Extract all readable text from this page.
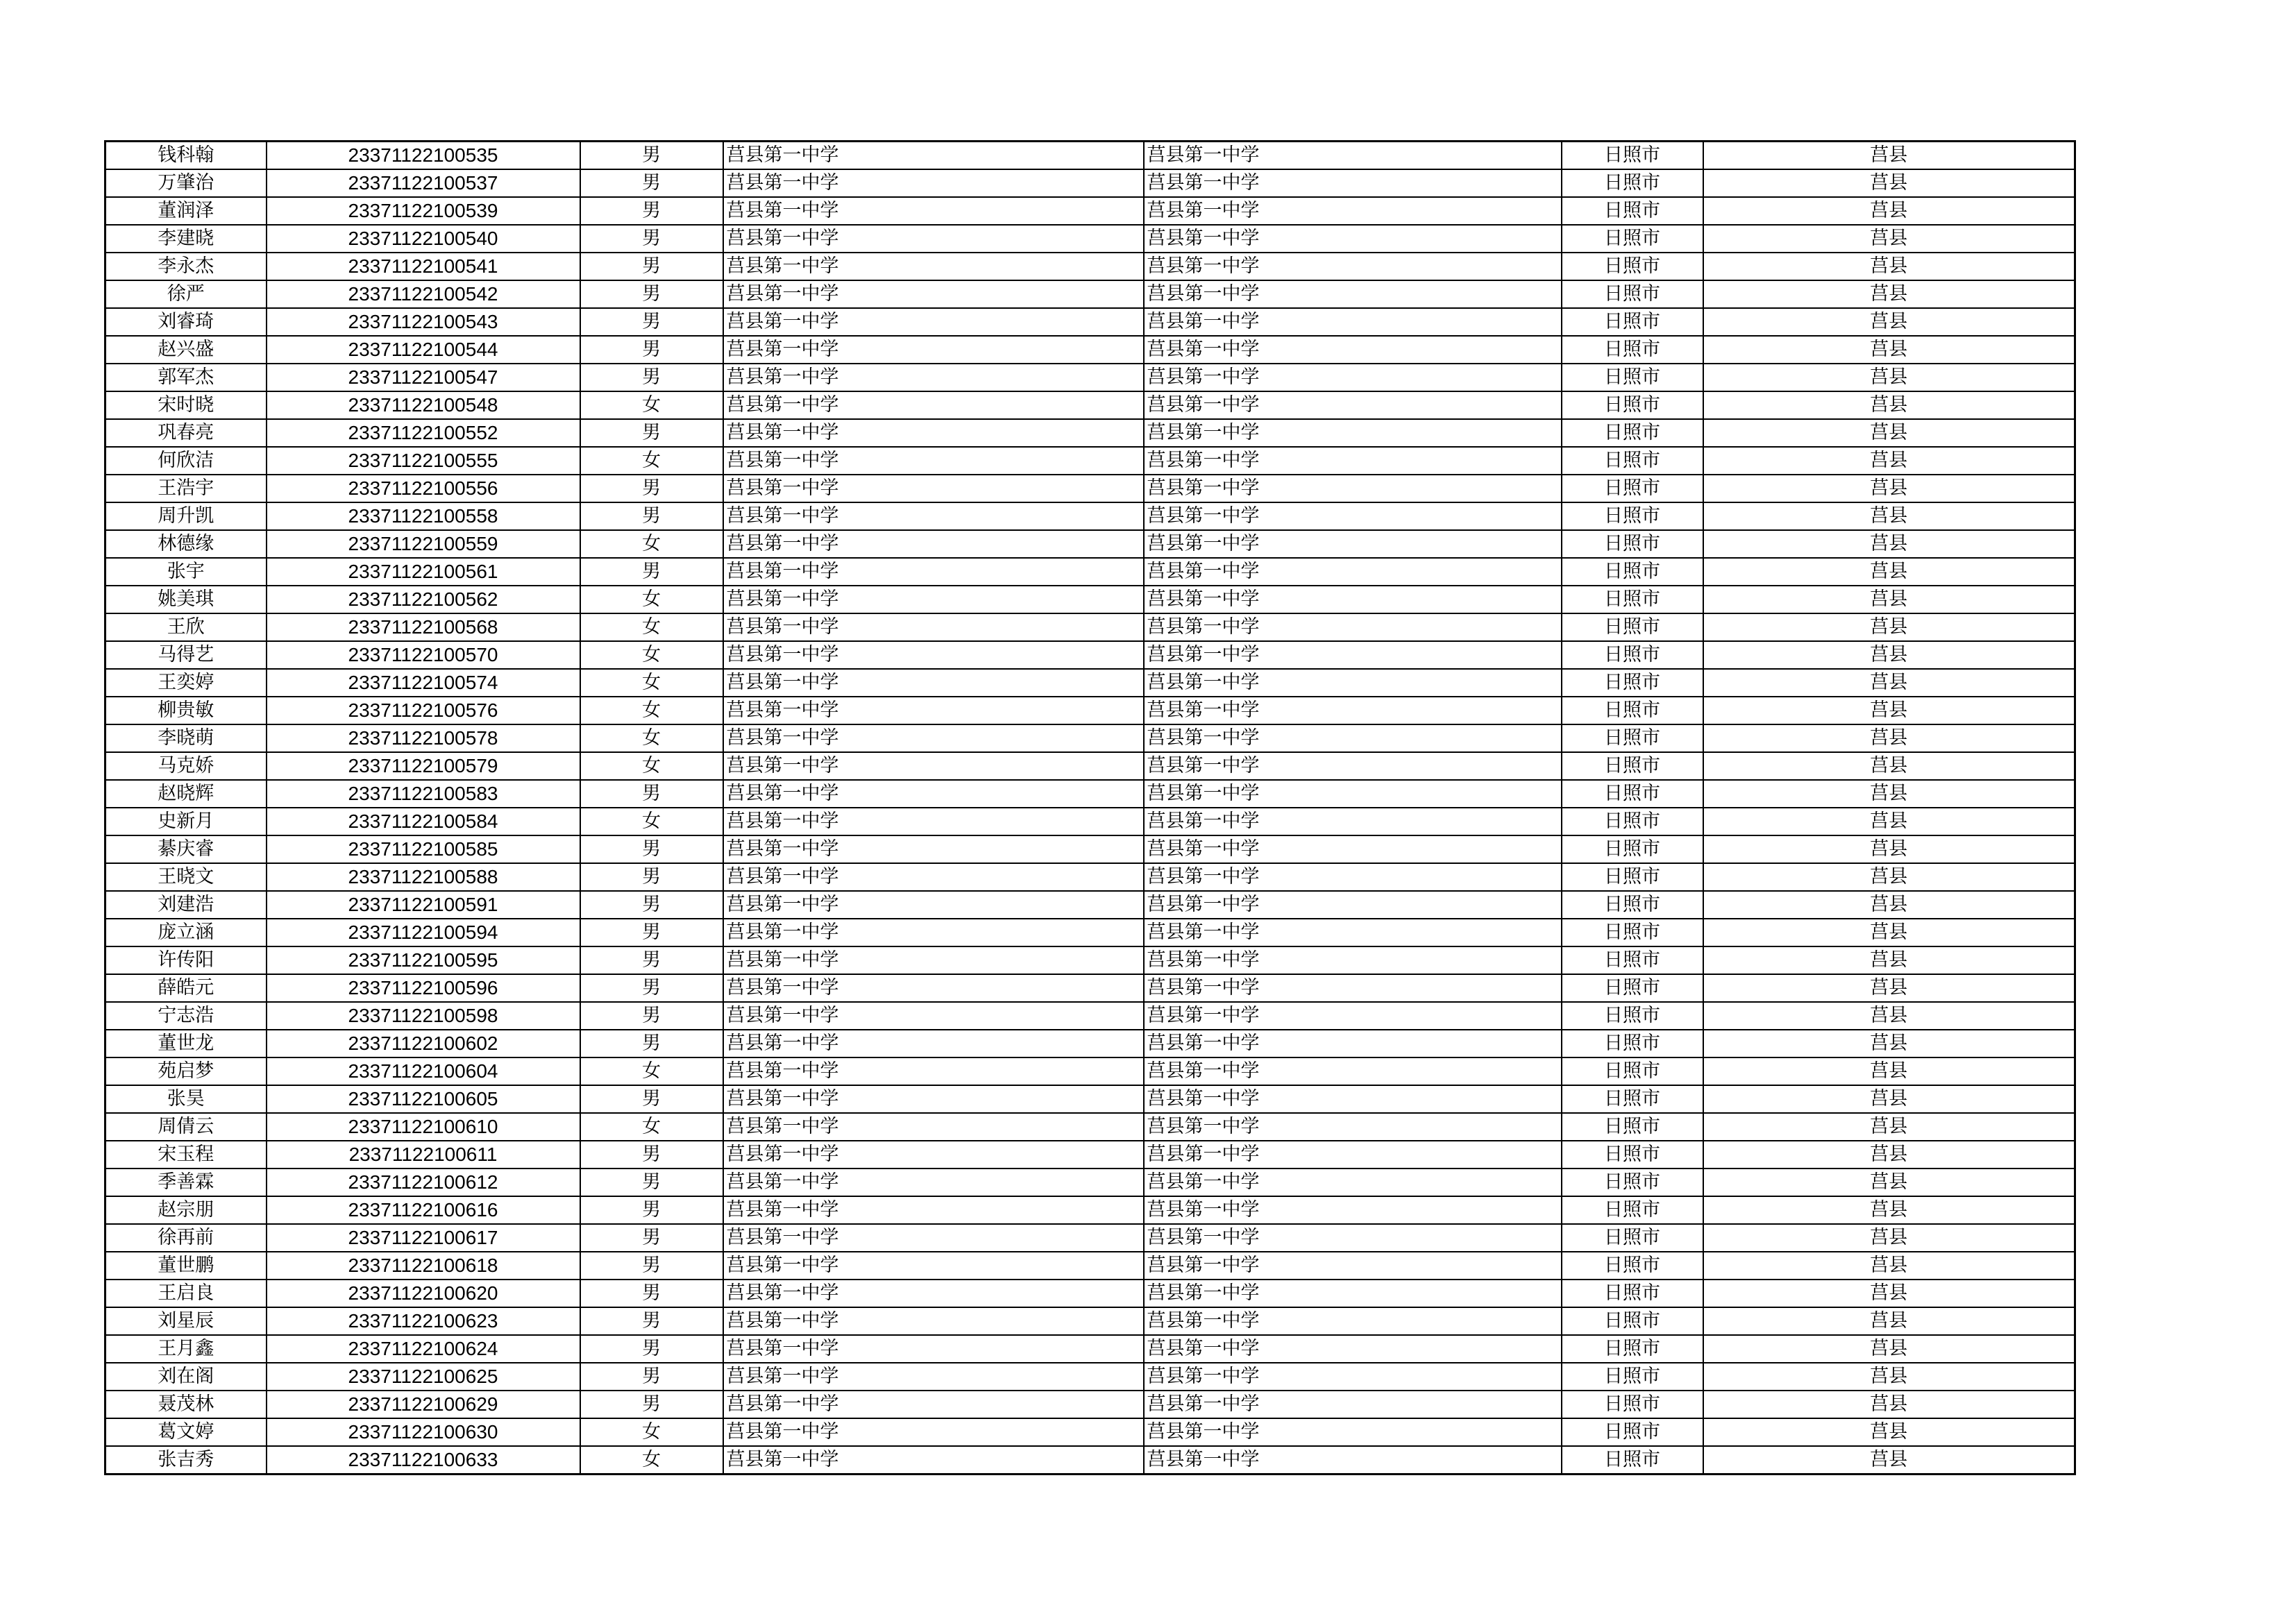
钱科翰	23371122100535	男	莒县第一中学	莒县第一中学	日照市	莒县
万肇治	23371122100537	男	莒县第一中学	莒县第一中学	日照市	莒县
董润泽	23371122100539	男	莒县第一中学	莒县第一中学	日照市	莒县
李建晓	23371122100540	男	莒县第一中学	莒县第一中学	日照市	莒县
李永杰	23371122100541	男	莒县第一中学	莒县第一中学	日照市	莒县
徐严	23371122100542	男	莒县第一中学	莒县第一中学	日照市	莒县
刘睿琦	23371122100543	男	莒县第一中学	莒县第一中学	日照市	莒县
赵兴盛	23371122100544	男	莒县第一中学	莒县第一中学	日照市	莒县
郭军杰	23371122100547	男	莒县第一中学	莒县第一中学	日照市	莒县
宋时晓	23371122100548	女	莒县第一中学	莒县第一中学	日照市	莒县
巩春亮	23371122100552	男	莒县第一中学	莒县第一中学	日照市	莒县
何欣洁	23371122100555	女	莒县第一中学	莒县第一中学	日照市	莒县
王浩宇	23371122100556	男	莒县第一中学	莒县第一中学	日照市	莒县
周升凯	23371122100558	男	莒县第一中学	莒县第一中学	日照市	莒县
林德缘	23371122100559	女	莒县第一中学	莒县第一中学	日照市	莒县
张宇	23371122100561	男	莒县第一中学	莒县第一中学	日照市	莒县
姚美琪	23371122100562	女	莒县第一中学	莒县第一中学	日照市	莒县
王欣	23371122100568	女	莒县第一中学	莒县第一中学	日照市	莒县
马得艺	23371122100570	女	莒县第一中学	莒县第一中学	日照市	莒县
王奕婷	23371122100574	女	莒县第一中学	莒县第一中学	日照市	莒县
柳贵敏	23371122100576	女	莒县第一中学	莒县第一中学	日照市	莒县
李晓萌	23371122100578	女	莒县第一中学	莒县第一中学	日照市	莒县
马克娇	23371122100579	女	莒县第一中学	莒县第一中学	日照市	莒县
赵晓辉	23371122100583	男	莒县第一中学	莒县第一中学	日照市	莒县
史新月	23371122100584	女	莒县第一中学	莒县第一中学	日照市	莒县
綦庆睿	23371122100585	男	莒县第一中学	莒县第一中学	日照市	莒县
王晓文	23371122100588	男	莒县第一中学	莒县第一中学	日照市	莒县
刘建浩	23371122100591	男	莒县第一中学	莒县第一中学	日照市	莒县
庞立涵	23371122100594	男	莒县第一中学	莒县第一中学	日照市	莒县
许传阳	23371122100595	男	莒县第一中学	莒县第一中学	日照市	莒县
薛皓元	23371122100596	男	莒县第一中学	莒县第一中学	日照市	莒县
宁志浩	23371122100598	男	莒县第一中学	莒县第一中学	日照市	莒县
董世龙	23371122100602	男	莒县第一中学	莒县第一中学	日照市	莒县
苑启梦	23371122100604	女	莒县第一中学	莒县第一中学	日照市	莒县
张昊	23371122100605	男	莒县第一中学	莒县第一中学	日照市	莒县
周倩云	23371122100610	女	莒县第一中学	莒县第一中学	日照市	莒县
宋玉程	23371122100611	男	莒县第一中学	莒县第一中学	日照市	莒县
季善霖	23371122100612	男	莒县第一中学	莒县第一中学	日照市	莒县
赵宗朋	23371122100616	男	莒县第一中学	莒县第一中学	日照市	莒县
徐再前	23371122100617	男	莒县第一中学	莒县第一中学	日照市	莒县
董世鹏	23371122100618	男	莒县第一中学	莒县第一中学	日照市	莒县
王启良	23371122100620	男	莒县第一中学	莒县第一中学	日照市	莒县
刘星辰	23371122100623	男	莒县第一中学	莒县第一中学	日照市	莒县
王月鑫	23371122100624	男	莒县第一中学	莒县第一中学	日照市	莒县
刘在阁	23371122100625	男	莒县第一中学	莒县第一中学	日照市	莒县
聂茂林	23371122100629	男	莒县第一中学	莒县第一中学	日照市	莒县
葛文婷	23371122100630	女	莒县第一中学	莒县第一中学	日照市	莒县
张吉秀	23371122100633	女	莒县第一中学	莒县第一中学	日照市	莒县
